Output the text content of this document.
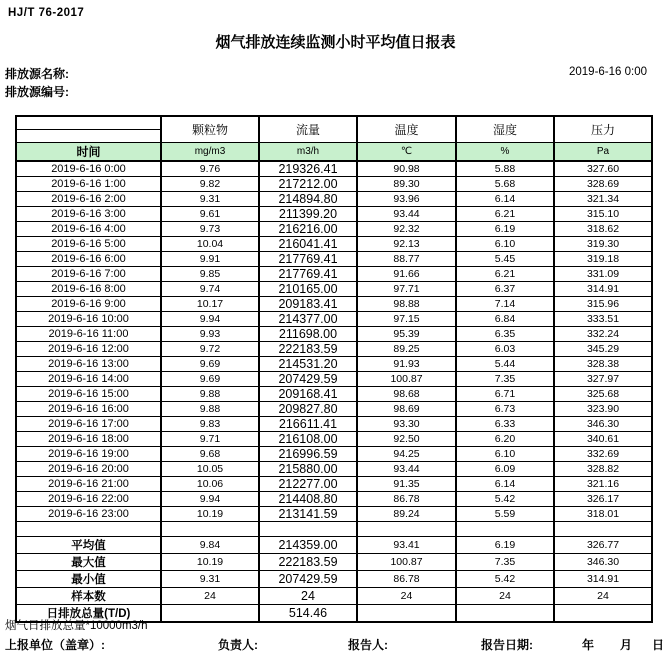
HJ/T 76-2017
烟气排放连续监测小时平均值日报表
排放源名称:
排放源编号:
2019-6-16 0:00
	颗粒物	流量	温度	湿度	压力

时间	mg/m3	m3/h	℃	%	Pa
2019-6-16 0:00	9.76	219326.41	90.98	5.88	327.60
2019-6-16 1:00	9.82	217212.00	89.30	5.68	328.69
2019-6-16 2:00	9.31	214894.80	93.96	6.14	321.34
2019-6-16 3:00	9.61	211399.20	93.44	6.21	315.10
2019-6-16 4:00	9.73	216216.00	92.32	6.19	318.62
2019-6-16 5:00	10.04	216041.41	92.13	6.10	319.30
2019-6-16 6:00	9.91	217769.41	88.77	5.45	319.18
2019-6-16 7:00	9.85	217769.41	91.66	6.21	331.09
2019-6-16 8:00	9.74	210165.00	97.71	6.37	314.91
2019-6-16 9:00	10.17	209183.41	98.88	7.14	315.96
2019-6-16 10:00	9.94	214377.00	97.15	6.84	333.51
2019-6-16 11:00	9.93	211698.00	95.39	6.35	332.24
2019-6-16 12:00	9.72	222183.59	89.25	6.03	345.29
2019-6-16 13:00	9.69	214531.20	91.93	5.44	328.38
2019-6-16 14:00	9.69	207429.59	100.87	7.35	327.97
2019-6-16 15:00	9.88	209168.41	98.68	6.71	325.68
2019-6-16 16:00	9.88	209827.80	98.69	6.73	323.90
2019-6-16 17:00	9.83	216611.41	93.30	6.33	346.30
2019-6-16 18:00	9.71	216108.00	92.50	6.20	340.61
2019-6-16 19:00	9.68	216996.59	94.25	6.10	332.69
2019-6-16 20:00	10.05	215880.00	93.44	6.09	328.82
2019-6-16 21:00	10.06	212277.00	91.35	6.14	321.16
2019-6-16 22:00	9.94	214408.80	86.78	5.42	326.17
2019-6-16 23:00	10.19	213141.59	89.24	5.59	318.01

平均值	9.84	214359.00	93.41	6.19	326.77
最大值	10.19	222183.59	100.87	7.35	346.30
最小值	9.31	207429.59	86.78	5.42	314.91
样本数	24	24	24	24	24
日排放总量(T/D)		514.46			
烟气日排放总量*10000m3/h
上报单位（盖章）:	负责人:	报告人:	报告日期:	年 月 日
